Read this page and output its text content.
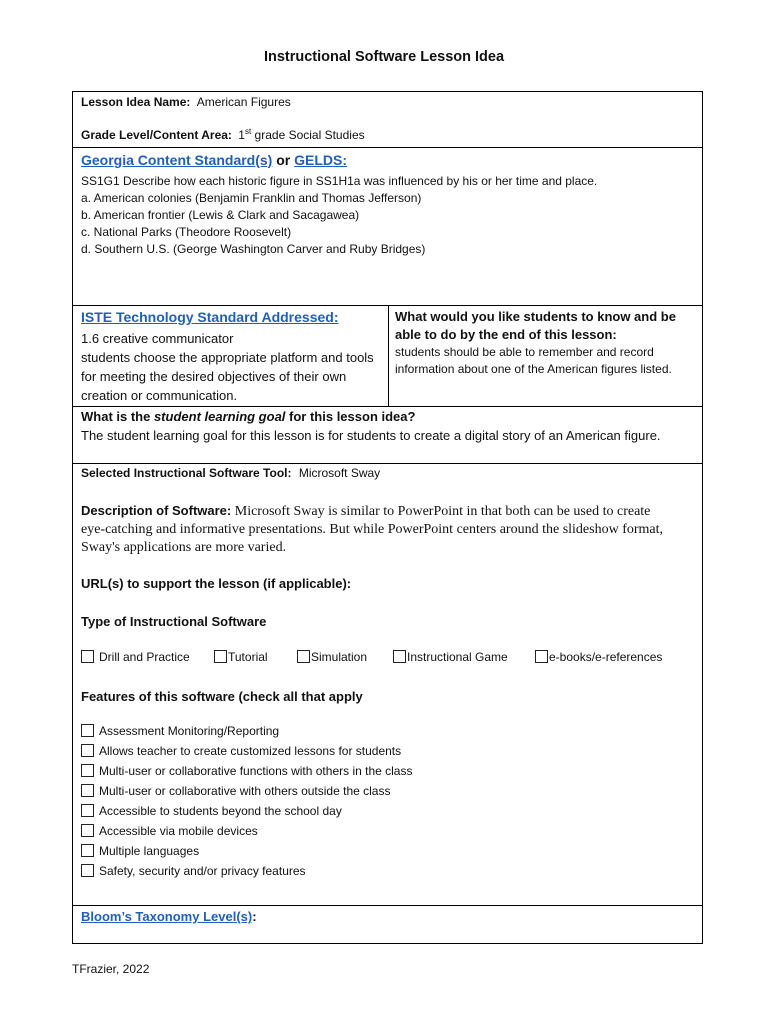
Instructional Software Lesson Idea
Lesson Idea Name: American Figures
Grade Level/Content Area: 1st grade Social Studies
Georgia Content Standard(s) or GELDS:
SS1G1 Describe how each historic figure in SS1H1a was influenced by his or her time and place.
a. American colonies (Benjamin Franklin and Thomas Jefferson)
b. American frontier (Lewis & Clark and Sacagawea)
c. National Parks (Theodore Roosevelt)
d. Southern U.S. (George Washington Carver and Ruby Bridges)
ISTE Technology Standard Addressed:
1.6 creative communicator
students choose the appropriate platform and tools for meeting the desired objectives of their own creation or communication.
What would you like students to know and be able to do by the end of this lesson:
students should be able to remember and record information about one of the American figures listed.
What is the student learning goal for this lesson idea?
The student learning goal for this lesson is for students to create a digital story of an American figure.
Selected Instructional Software Tool: Microsoft Sway
Description of Software: Microsoft Sway is similar to PowerPoint in that both can be used to create eye-catching and informative presentations. But while PowerPoint centers around the slideshow format, Sway's applications are more varied.
URL(s) to support the lesson (if applicable):
Type of Instructional Software
Drill and Practice	Tutorial	Simulation	Instructional Game	e-books/e-references
Features of this software (check all that apply
Assessment Monitoring/Reporting
Allows teacher to create customized lessons for students
Multi-user or collaborative functions with others in the class
Multi-user or collaborative with others outside the class
Accessible to students beyond the school day
Accessible via mobile devices
Multiple languages
Safety, security and/or privacy features
Bloom’s Taxonomy Level(s):
TFrazier, 2022
